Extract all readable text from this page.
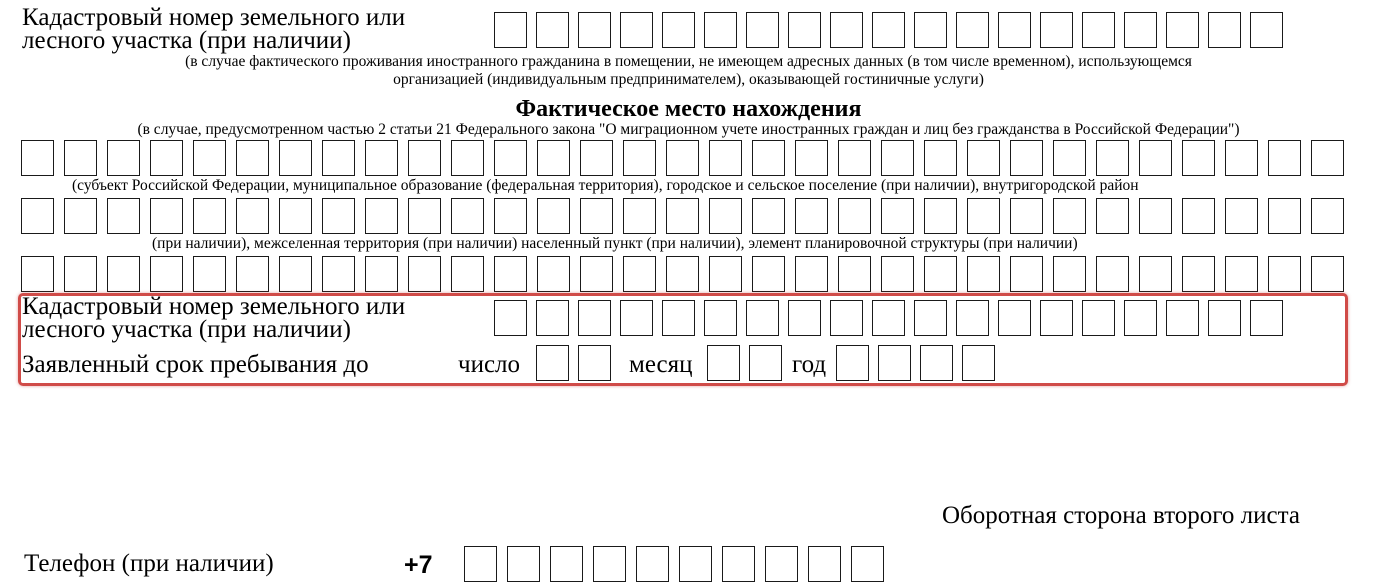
Кадастровый номер земельного или
лесного участка (при наличии)
(в случае фактического проживания иностранного гражданина в помещении, не имеющем адресных данных (в том числе временном), использующемся
организацией (индивидуальным предпринимателем), оказывающей гостиничные услуги)
Фактическое место нахождения
(в случае, предусмотренном частью 2 статьи 21 Федерального закона "О миграционном учете иностранных граждан и лиц без гражданства в Российской Федерации")
(субъект Российской Федерации, муниципальное образование (федеральная территория), городское и сельское поселение (при наличии), внутригородской район
(при наличии), межселенная территория (при наличии) населенный пункт (при наличии), элемент планировочной структуры (при наличии)
Кадастровый номер земельного или
лесного участка (при наличии)
Заявленный срок пребывания до	число	месяц	год
Оборотная сторона второго листа
Телефон (при наличии)	+7
